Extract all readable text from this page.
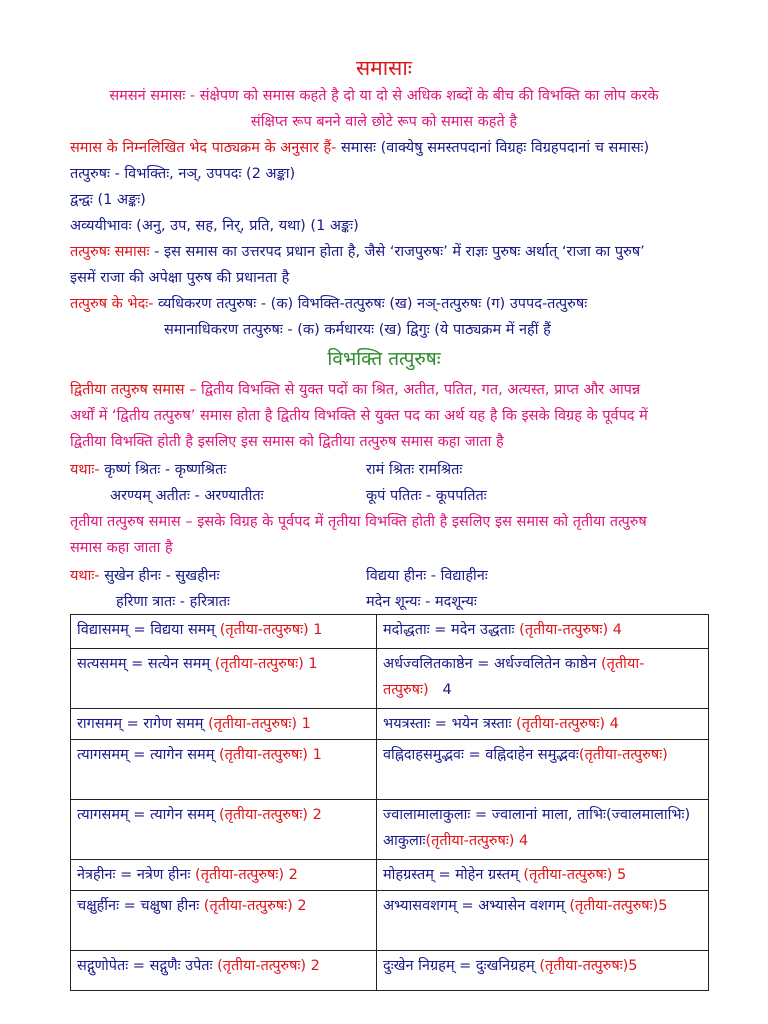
समासाः
समसनं समासः - संक्षेपण को समास कहते है दो या दो से अधिक शब्दों के बीच की विभक्ति का लोप करके
संक्षिप्त रूप बनने वाले छोटे रूप को समास कहते है
समास के निम्नलिखित भेद पाठ्यक्रम के अनुसार हैं- समासः (वाक्येषु समस्तपदानां विग्रहः विग्रहपदानां च समासः)
तत्पुरुषः - विभक्तिः, नञ्, उपपदः (2 अङ्का)
द्वन्द्वः (1 अङ्कः)
अव्ययीभावः (अनु, उप, सह, निर्, प्रति, यथा) (1 अङ्कः)
तत्पुरुषः समासः - इस समास का उत्तरपद प्रधान होता है, जैसे ‘राजपुरुषः’ में राज्ञः पुरुषः अर्थात् ‘राजा का पुरुष’
इसमें राजा की अपेक्षा पुरुष की प्रधानता है
तत्पुरुष के भेदः- व्यधिकरण तत्पुरुषः - (क) विभक्ति-तत्पुरुषः (ख) नञ्-तत्पुरुषः (ग) उपपद-तत्पुरुषः
समानाधिकरण तत्पुरुषः - (क) कर्मधारयः (ख) द्विगुः (ये पाठ्यक्रम में नहीं हैं
विभक्ति तत्पुरुषः
द्वितीया तत्पुरुष समास – द्वितीय विभक्ति से युक्त पदों का श्रित, अतीत, पतित, गत, अत्यस्त, प्राप्त और आपन्न
अर्थों में ‘द्वितीय तत्पुरुष’ समास होता है द्वितीय विभक्ति से युक्त पद का अर्थ यह है कि इसके विग्रह के पूर्वपद में
द्वितीया विभक्ति होती है इसलिए इस समास को द्वितीया तत्पुरुष समास कहा जाता है
यथाः- कृष्णं श्रितः - कृष्णश्रितः	रामं श्रितः रामश्रितः
अरण्यम् अतीतः - अरण्यातीतः	कूपं पतितः - कूपपतितः
तृतीया तत्पुरुष समास – इसके विग्रह के पूर्वपद में तृतीया विभक्ति होती है इसलिए इस समास को तृतीया तत्पुरुष
समास कहा जाता है
यथाः- सुखेन हीनः - सुखहीनः	विद्यया हीनः - विद्याहीनः
हरिणा त्रातः - हरित्रातः	मदेन शून्यः - मदशून्यः
विद्यासमम् = विद्यया समम् (तृतीया-तत्पुरुषः) 1	मदोद्धताः = मदेन उद्धताः (तृतीया-तत्पुरुषः) 4
सत्यसमम् = सत्येन समम् (तृतीया-तत्पुरुषः) 1	अर्धज्वलितकाष्ठेन = अर्धज्वलितेन काष्ठेन (तृतीया-तत्पुरुषः) 4
रागसमम् = रागेण समम् (तृतीया-तत्पुरुषः) 1	भयत्रस्ताः = भयेन त्रस्ताः (तृतीया-तत्पुरुषः) 4
त्यागसमम् = त्यागेन समम् (तृतीया-तत्पुरुषः) 1	वह्निदाहसमुद्भवः = वह्निदाहेन समुद्भवः(तृतीया-तत्पुरुषः)
त्यागसमम् = त्यागेन समम् (तृतीया-तत्पुरुषः) 2	ज्वालामालाकुलाः = ज्वालानां माला, ताभिः(ज्वालमालाभिः) आकुलाः(तृतीया-तत्पुरुषः) 4
नेत्रहीनः = नत्रेण हीनः (तृतीया-तत्पुरुषः) 2	मोहग्रस्तम् = मोहेन ग्रस्तम् (तृतीया-तत्पुरुषः) 5
चक्षुर्हीनः = चक्षुषा हीनः (तृतीया-तत्पुरुषः) 2	अभ्यासवशगम् = अभ्यासेन वशगम् (तृतीया-तत्पुरुषः)5
सद्गुणोपेतः = सद्गुणैः उपेतः (तृतीया-तत्पुरुषः) 2	दुःखेन निग्रहम् = दुःखनिग्रहम् (तृतीया-तत्पुरुषः)5
